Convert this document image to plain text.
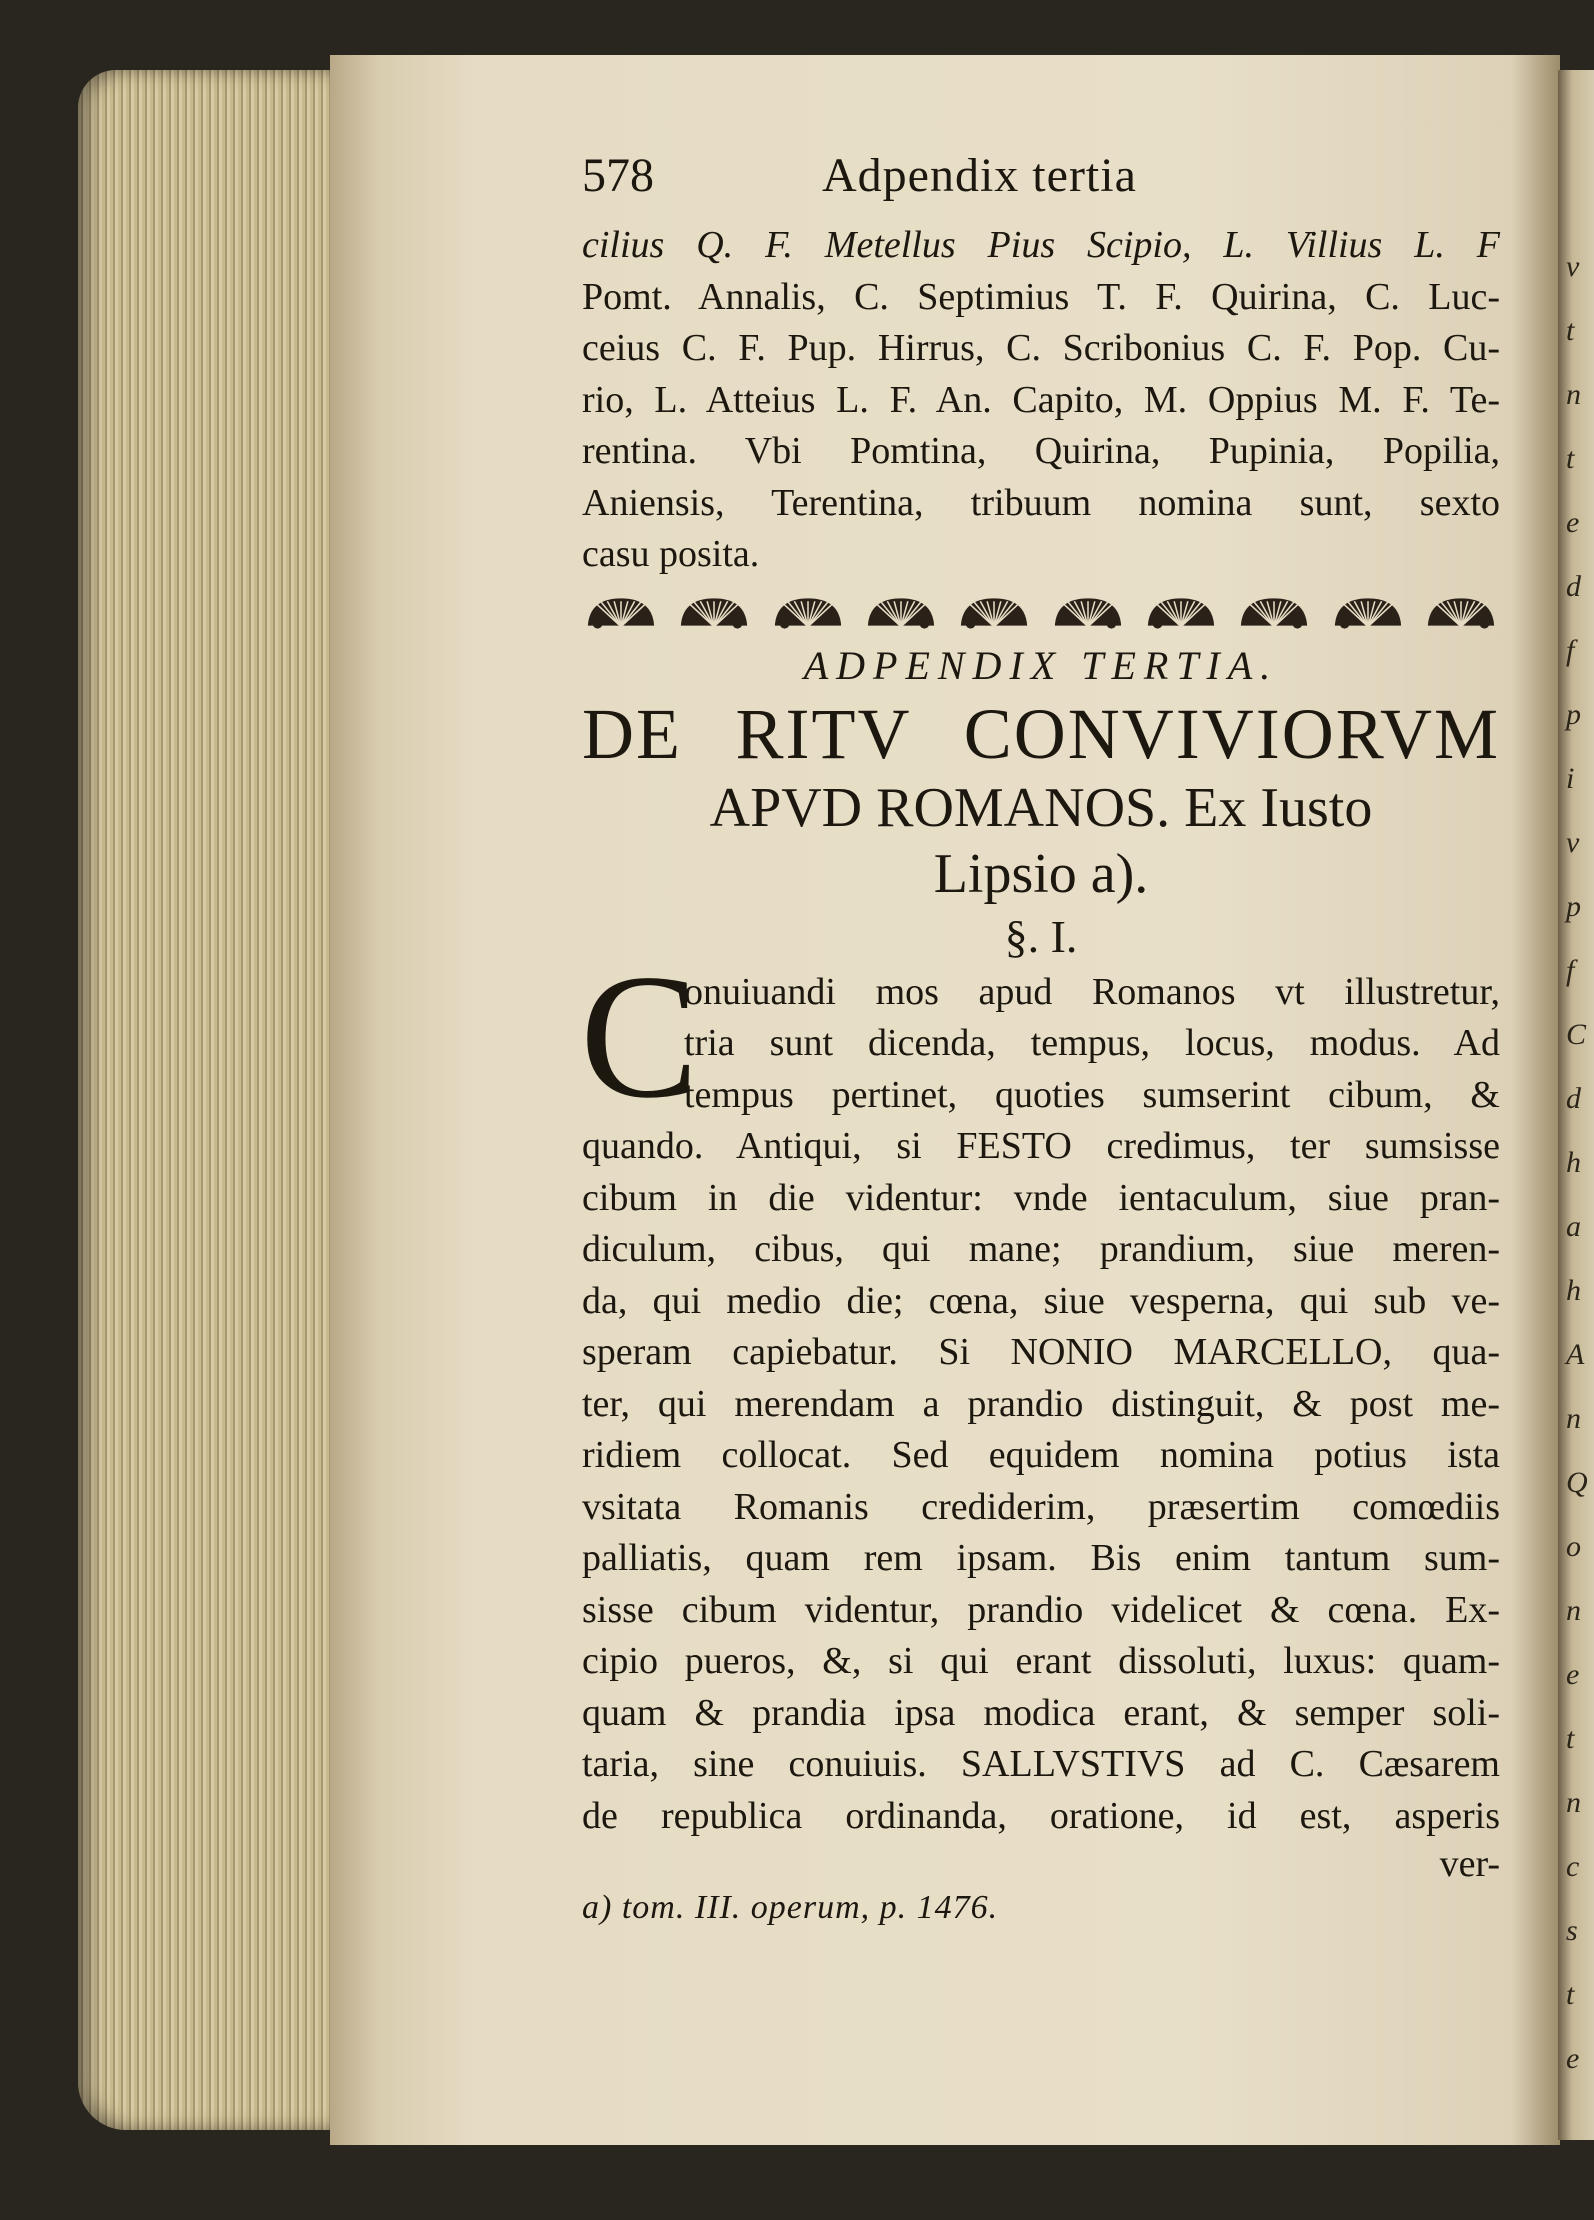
v
t
n
t
e
d
f
p
i
v
p
f
C
d
h
a
h
A
n
Q
o
n
e
t
n
c
s
t
e
578	Adpendix tertia
cilius Q. F. Metellus Pius Scipio, L. Villius L. F
Pomt. Annalis, C. Septimius T. F. Quirina, C. Luc-
ceius C. F. Pup. Hirrus, C. Scribonius C. F. Pop. Cu-
rio, L. Atteius L. F. An. Capito, M. Oppius M. F. Te-
rentina. Vbi Pomtina, Quirina, Pupinia, Popilia,
Aniensis, Terentina, tribuum nomina sunt, sexto
casu posita.
ADPENDIX TERTIA.
DE RITV CONVIVIORVM
APVD ROMANOS. Ex Iusto
Lipsio a).
§. I.
C
onuiuandi mos apud Romanos vt illustretur,
tria sunt dicenda, tempus, locus, modus. Ad
tempus pertinet, quoties sumserint cibum, &
quando. Antiqui, si FESTO credimus, ter sumsisse
cibum in die videntur: vnde ientaculum, siue pran-
diculum, cibus, qui mane; prandium, siue meren-
da, qui medio die; cœna, siue vesperna, qui sub ve-
speram capiebatur. Si NONIO MARCELLO, qua-
ter, qui merendam a prandio distinguit, & post me-
ridiem collocat. Sed equidem nomina potius ista
vsitata Romanis crediderim, præsertim comœdiis
palliatis, quam rem ipsam. Bis enim tantum sum-
sisse cibum videntur, prandio videlicet & cœna. Ex-
cipio pueros, &, si qui erant dissoluti, luxus: quam-
quam & prandia ipsa modica erant, & semper soli-
taria, sine conuiuis. SALLVSTIVS ad C. Cæsarem
de republica ordinanda, oratione, id est, asperis
ver-
a) tom. III. operum, p. 1476.
